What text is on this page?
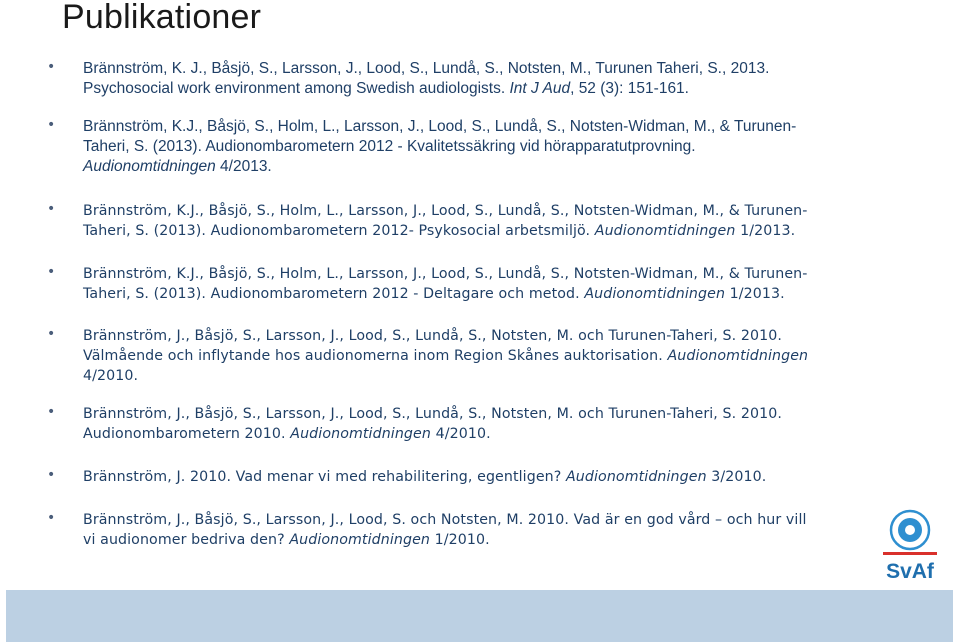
Publikationer
• Brännström, K. J., Båsjö, S., Larsson, J., Lood, S., Lundå, S., Notsten, M., Turunen Taheri, S., 2013.
Psychosocial work environment among Swedish audiologists. Int J Aud, 52 (3): 151-161.
• Brännström, K.J., Båsjö, S., Holm, L., Larsson, J., Lood, S., Lundå, S., Notsten-Widman, M., & Turunen-
Taheri, S. (2013). Audionombarometern 2012 - Kvalitetssäkring vid hörapparatutprovning.
Audionomtidningen 4/2013.
• Brännström, K.J., Båsjö, S., Holm, L., Larsson, J., Lood, S., Lundå, S., Notsten-Widman, M., & Turunen-
Taheri, S. (2013). Audionombarometern 2012- Psykosocial arbetsmiljö. Audionomtidningen 1/2013.
• Brännström, K.J., Båsjö, S., Holm, L., Larsson, J., Lood, S., Lundå, S., Notsten-Widman, M., & Turunen-
Taheri, S. (2013). Audionombarometern 2012 - Deltagare och metod. Audionomtidningen 1/2013.
• Brännström, J., Båsjö, S., Larsson, J., Lood, S., Lundå, S., Notsten, M. och Turunen-Taheri, S. 2010.
Välmående och inflytande hos audionomerna inom Region Skånes auktorisation. Audionomtidningen
4/2010.
• Brännström, J., Båsjö, S., Larsson, J., Lood, S., Lundå, S., Notsten, M. och Turunen-Taheri, S. 2010.
Audionombarometern 2010. Audionomtidningen 4/2010.
• Brännström, J. 2010. Vad menar vi med rehabilitering, egentligen? Audionomtidningen 3/2010.
• Brännström, J., Båsjö, S., Larsson, J., Lood, S. och Notsten, M. 2010. Vad är en god vård – och hur vill
vi audionomer bedriva den? Audionomtidningen 1/2010.
SvAf
